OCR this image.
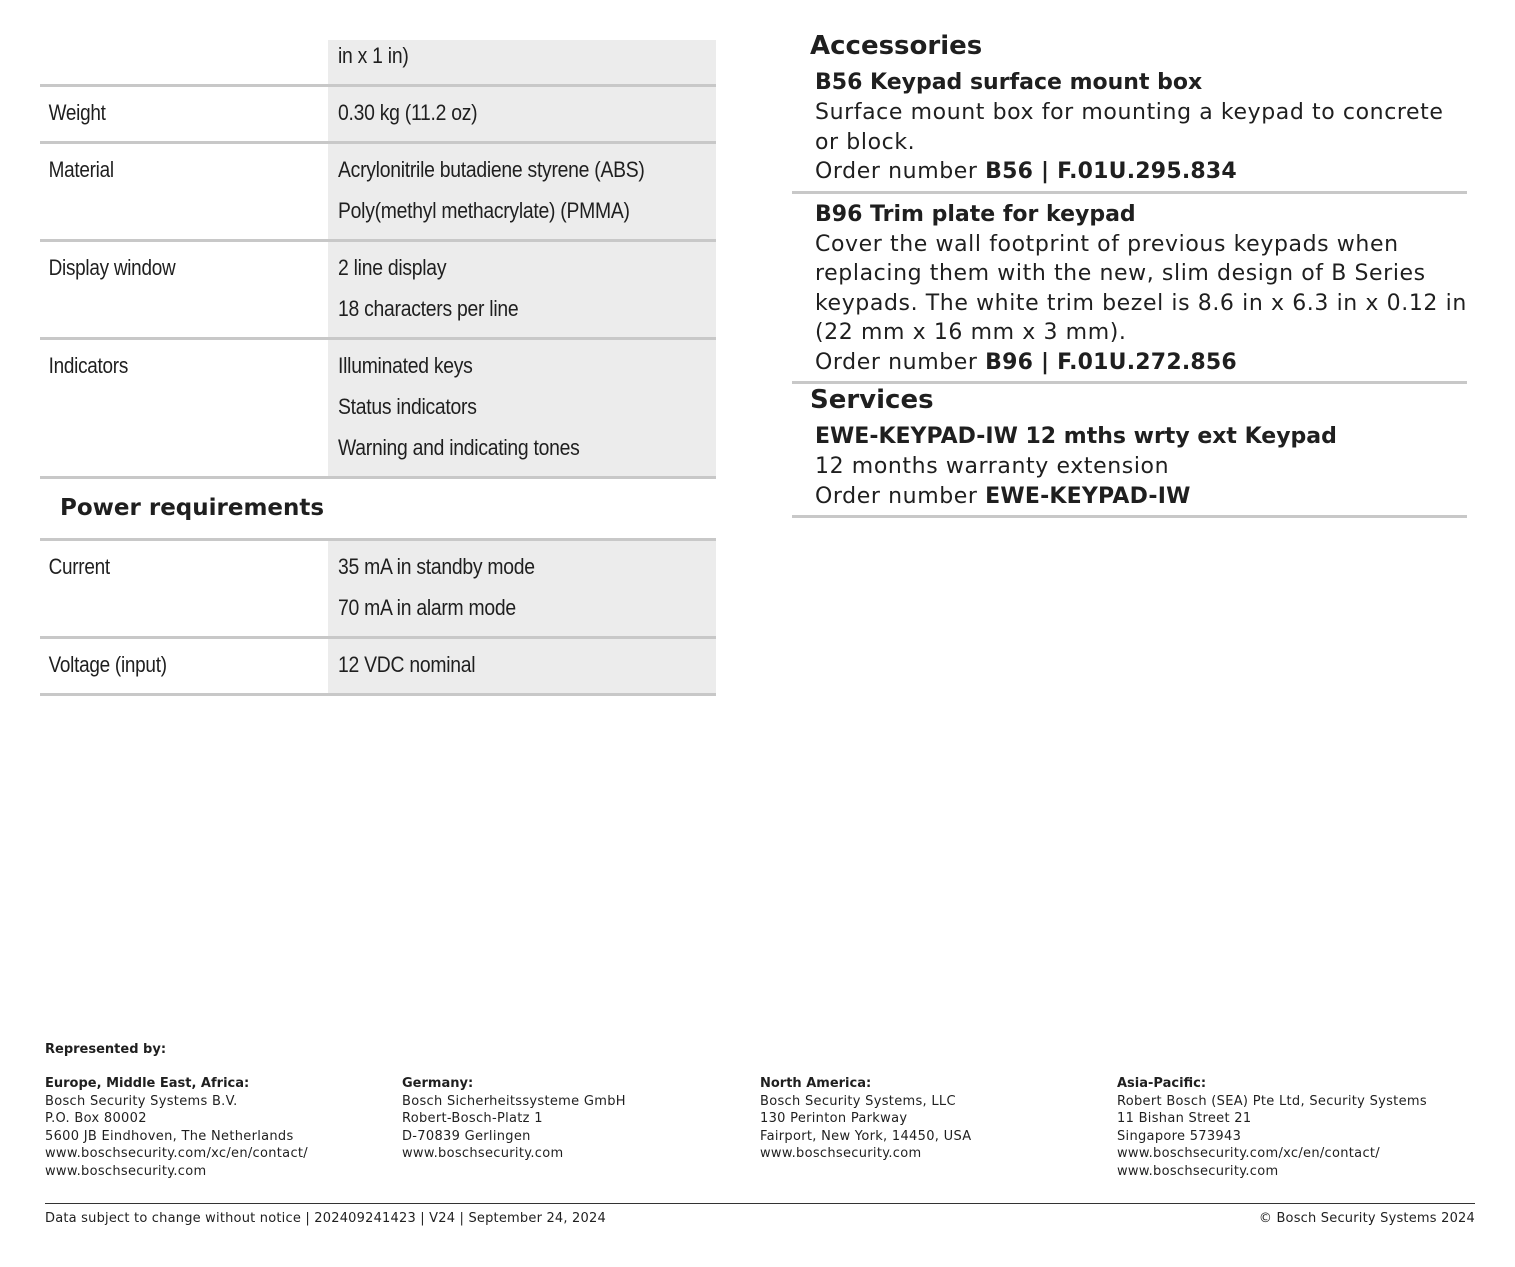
in x 1 in)
Weight	0.30 kg (11.2 oz)
Material	Acrylonitrile butadiene styrene (ABS)
Poly(methyl methacrylate) (PMMA)
Display window	2 line display
18 characters per line
Indicators	Illuminated keys
Status indicators
Warning and indicating tones
Power requirements
Current	35 mA in standby mode
70 mA in alarm mode
Voltage (input)	12 VDC nominal
Accessories
B56 Keypad surface mount box
Surface mount box for mounting a keypad to concrete
or block.
Order number B56 | F.01U.295.834
B96 Trim plate for keypad
Cover the wall footprint of previous keypads when
replacing them with the new, slim design of B Series
keypads. The white trim bezel is 8.6 in x 6.3 in x 0.12 in
(22 mm x 16 mm x 3 mm).
Order number B96 | F.01U.272.856
Services
EWE-KEYPAD-IW 12 mths wrty ext Keypad
12 months warranty extension
Order number EWE-KEYPAD-IW
Represented by:
Europe, Middle East, Africa:
Bosch Security Systems B.V.
P.O. Box 80002
5600 JB Eindhoven, The Netherlands
www.boschsecurity.com/xc/en/contact/
www.boschsecurity.com
Germany:
Bosch Sicherheitssysteme GmbH
Robert-Bosch-Platz 1
D-70839 Gerlingen
www.boschsecurity.com
North America:
Bosch Security Systems, LLC
130 Perinton Parkway
Fairport, New York, 14450, USA
www.boschsecurity.com
Asia-Pacific:
Robert Bosch (SEA) Pte Ltd, Security Systems
11 Bishan Street 21
Singapore 573943
www.boschsecurity.com/xc/en/contact/
www.boschsecurity.com
Data subject to change without notice | 202409241423 | V24 | September 24, 2024	© Bosch Security Systems 2024
